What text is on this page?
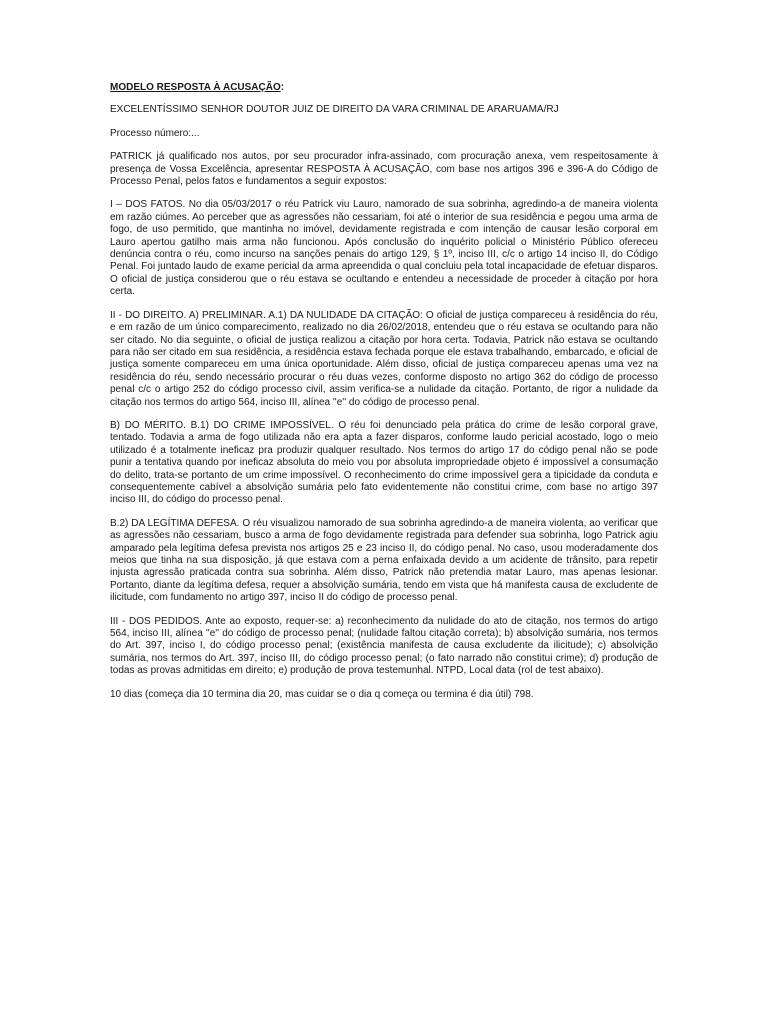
MODELO RESPOSTA À ACUSAÇÃO:

EXCELENTÍSSIMO SENHOR DOUTOR JUIZ DE DIREITO DA VARA CRIMINAL DE ARARUAMA/RJ

Processo número:...

PATRICK já qualificado nos autos, por seu procurador infra-assinado, com procuração anexa, vem respeitosamente à presença de Vossa Excelência, apresentar RESPOSTA À ACUSAÇÃO, com base nos artigos 396 e 396-A do Código de Processo Penal, pelos fatos e fundamentos a seguir expostos:

I – DOS FATOS. No dia 05/03/2017 o réu Patrick viu Lauro, namorado de sua sobrinha, agredindo-a de maneira violenta em razão ciúmes. Ao perceber que as agressões não cessariam, foi até o interior de sua residência e pegou uma arma de fogo, de uso permitido, que mantinha no imóvel, devidamente registrada e com intenção de causar lesão corporal em Lauro apertou gatilho mais arma não funcionou. Após conclusão do inquérito policial o Ministério Público ofereceu denúncia contra o réu, como incurso na sanções penais do artigo 129, § 1º, inciso III, c/c o artigo 14 inciso II, do Código Penal. Foi juntado laudo de exame pericial da arma apreendida o qual concluiu pela total incapacidade de efetuar disparos. O oficial de justiça considerou que o réu estava se ocultando e entendeu a necessidade de proceder à citação por hora certa.

II - DO DIREITO. A) PRELIMINAR. A.1) DA NULIDADE DA CITAÇÃO: O oficial de justiça compareceu à residência do réu, e em razão de um único comparecimento, realizado no dia 26/02/2018, entendeu que o réu estava se ocultando para não ser citado. No dia seguinte, o oficial de justiça realizou a citação por hora certa. Todavia, Patrick não estava se ocultando para não ser citado em sua residência, a residência estava fechada porque ele estava trabalhando, embarcado, e oficial de justiça somente compareceu em uma única oportunidade. Além disso, oficial de justiça compareceu apenas uma vez na residência do réu, sendo necessário procurar o réu duas vezes, conforme disposto no artigo 362 do código de processo penal c/c o artigo 252 do código processo civil, assim verifica-se a nulidade da citação. Portanto, de rigor a nulidade da citação nos termos do artigo 564, inciso III, alínea ''e'' do código de processo penal.

B) DO MÉRITO. B.1) DO CRIME IMPOSSÍVEL. O réu foi denunciado pela prática do crime de lesão corporal grave, tentado. Todavia a arma de fogo utilizada não era apta a fazer disparos, conforme laudo pericial acostado, logo o meio utilizado é a totalmente ineficaz pra produzir qualquer resultado. Nos termos do artigo 17 do código penal não se pode punir a tentativa quando por ineficaz absoluta do meio vou por absoluta impropriedade objeto é impossível a consumação do delito, trata-se portanto de um crime impossível. O reconhecimento do crime impossível gera a tipicidade da conduta e consequentemente cabível a absolvição sumária pelo fato evidentemente não constitui crime, com base no artigo 397 inciso III, do código do processo penal.

B.2) DA LEGÍTIMA DEFESA. O réu visualizou namorado de sua sobrinha agredindo-a de maneira violenta, ao verificar que as agressões não cessariam, busco a arma de fogo devidamente registrada para defender sua sobrinha, logo Patrick agiu amparado pela legítima defesa prevista nos artigos 25 e 23 inciso II, do código penal. No caso, usou moderadamente dos meios que tinha na sua disposição, já que estava com a perna enfaixada devido a um acidente de trânsito, para repetir injusta agressão praticada contra sua sobrinha. Além disso, Patrick não pretendia matar Lauro, mas apenas lesionar. Portanto, diante da legítima defesa, requer a absolvição sumária, tendo em vista que há manifesta causa de excludente de ilicitude, com fundamento no artigo 397, inciso II do código de processo penal.

III - DOS PEDIDOS. Ante ao exposto, requer-se: a) reconhecimento da nulidade do ato de citação, nos termos do artigo 564, inciso III, alínea ''e'' do código de processo penal; (nulidade faltou citação correta); b) absolvição sumária, nos termos do Art. 397, inciso I, do código processo penal; (existência manifesta de causa excludente da ilicitude); c) absolvição sumária, nos termos do Art. 397, inciso III, do código processo penal; (o fato narrado não constitui crime); d) produção de todas as provas admitidas em direito; e) produção de prova testemunhal. NTPD, Local data (rol de test abaixo).

10 dias (começa dia 10 termina dia 20, mas cuidar se o dia q começa ou termina é dia útil) 798.
